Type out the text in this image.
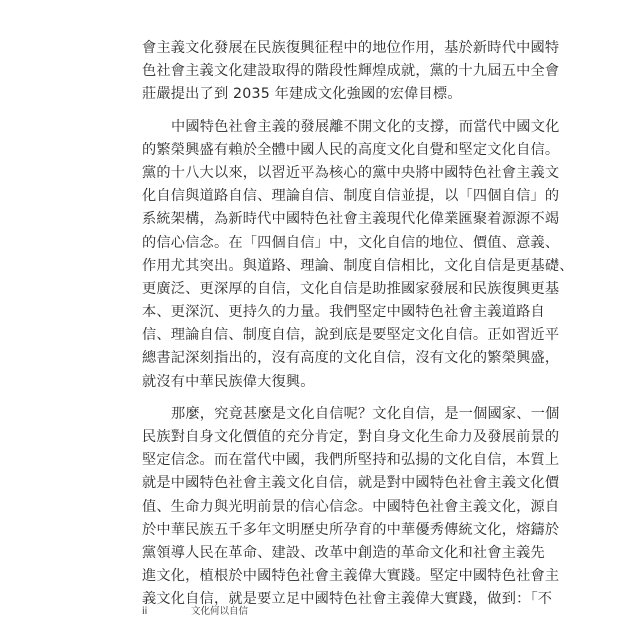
會主義文化發展在民族復興征程中的地位作用，基於新時代中國特
色社會主義文化建設取得的階段性輝煌成就，黨的十九屆五中全會
莊嚴提出了到 2035 年建成文化強國的宏偉目標。
中國特色社會主義的發展離不開文化的支撐，而當代中國文化
的繁榮興盛有賴於全體中國人民的高度文化自覺和堅定文化自信。
黨的十八大以來，以習近平為核心的黨中央將中國特色社會主義文
化自信與道路自信、理論自信、制度自信並提，以「四個自信」的
系統架構，為新時代中國特色社會主義現代化偉業匯聚着源源不竭
的信心信念。在「四個自信」中，文化自信的地位、價值、意義、
作用尤其突出。與道路、理論、制度自信相比，文化自信是更基礎、
更廣泛、更深厚的自信，文化自信是助推國家發展和民族復興更基
本、更深沉、更持久的力量。我們堅定中國特色社會主義道路自
信、理論自信、制度自信，說到底是要堅定文化自信。正如習近平
總書記深刻指出的，沒有高度的文化自信，沒有文化的繁榮興盛，
就沒有中華民族偉大復興。
那麼，究竟甚麼是文化自信呢？文化自信，是一個國家、一個
民族對自身文化價值的充分肯定，對自身文化生命力及發展前景的
堅定信念。而在當代中國，我們所堅持和弘揚的文化自信，本質上
就是中國特色社會主義文化自信，就是對中國特色社會主義文化價
值、生命力與光明前景的信心信念。中國特色社會主義文化，源自
於中華民族五千多年文明歷史所孕育的中華優秀傳統文化，熔鑄於
黨領導人民在革命、建設、改革中創造的革命文化和社會主義先
進文化，植根於中國特色社會主義偉大實踐。堅定中國特色社會主
義文化自信，就是要立足中國特色社會主義偉大實踐，做到：「不
ii	文化何以自信
